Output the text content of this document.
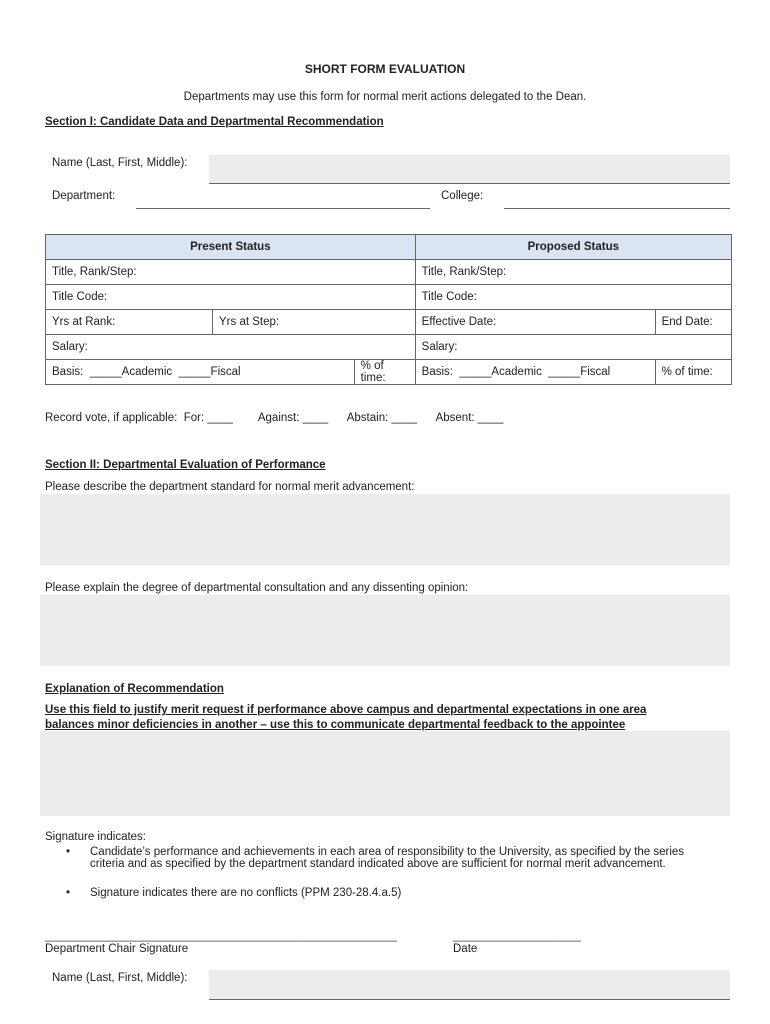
SHORT FORM EVALUATION
Departments may use this form for normal merit actions delegated to the Dean.
Section I: Candidate Data and Departmental Recommendation
Name (Last, First, Middle):
Department:	College:
Present Status			Proposed Status	
Title, Rank/Step:			Title, Rank/Step:	
Title Code:			Title Code:	
Yrs at Rank:	Yrs at Step:		Effective Date:	End Date:
Salary:			Salary:	
Basis:  _____Academic  _____Fiscal		% of time:	Basis:  _____Academic  _____Fiscal	% of time:
Record vote, if applicable:  For: ____        Against: ____      Abstain: ____      Absent: ____
Section II: Departmental Evaluation of Performance
Please describe the department standard for normal merit advancement:
Please explain the degree of departmental consultation and any dissenting opinion:
Explanation of Recommendation
Use this field to justify merit request if performance above campus and departmental expectations in one area
balances minor deficiencies in another – use this to communicate departmental feedback to the appointee
Signature indicates:
• Candidate’s performance and achievements in each area of responsibility to the University, as specified by the series
criteria and as specified by the department standard indicated above are sufficient for normal merit advancement.
• Signature indicates there are no conflicts (PPM 230-28.4.a.5)
_______________________________________________________	____________________
Department Chair Signature	Date
Name (Last, First, Middle):
